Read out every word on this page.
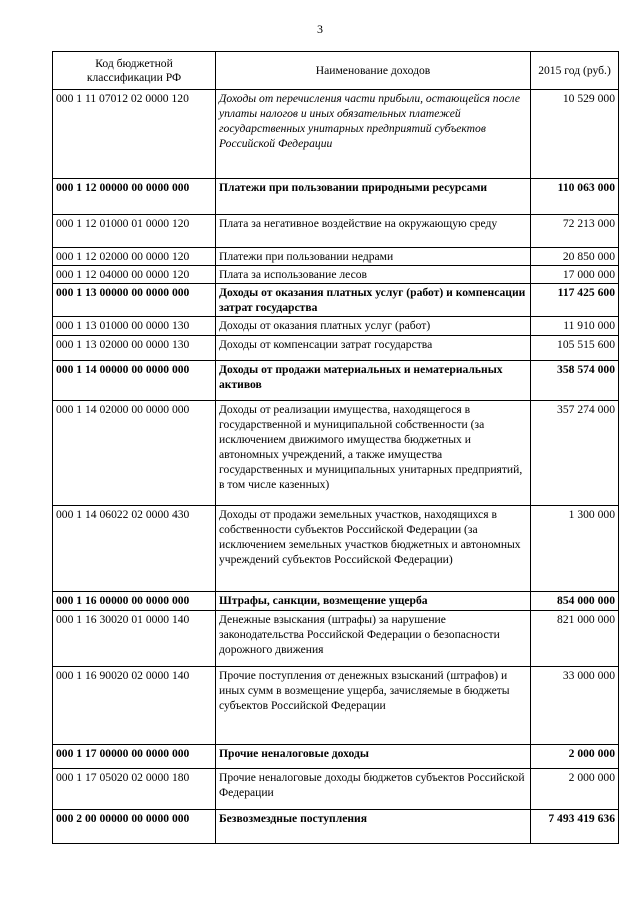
3
Код бюджетной классификации РФ	Наименование доходов	2015 год (руб.)
000 1 11 07012 02 0000 120	Доходы от перечисления части прибыли, остающейся после уплаты налогов и иных обязательных платежей государственных унитарных предприятий субъектов Российской Федерации	10 529 000
000 1 12 00000 00 0000 000	Платежи при пользовании природными ресурсами	110 063 000
000 1 12 01000 01 0000 120	Плата за негативное воздействие на окружающую среду	72 213 000
000 1 12 02000 00 0000 120	Платежи при пользовании недрами	20 850 000
000 1 12 04000 00 0000 120	Плата за использование лесов	17 000 000
000 1 13 00000 00 0000 000	Доходы от оказания платных услуг (работ) и компенсации затрат государства	117 425 600
000 1 13 01000 00 0000 130	Доходы от оказания платных услуг (работ)	11 910 000
000 1 13 02000 00 0000 130	Доходы от компенсации затрат государства	105 515 600
000 1 14 00000 00 0000 000	Доходы от продажи материальных и нематериальных активов	358 574 000
000 1 14 02000 00 0000 000	Доходы от реализации имущества, находящегося в государственной и муниципальной собственности (за исключением движимого имущества бюджетных и автономных учреждений, а также имущества государственных и муниципальных унитарных предприятий, в том числе казенных)	357 274 000
000 1 14 06022 02 0000 430	Доходы от продажи земельных участков, находящихся в собственности субъектов Российской Федерации (за исключением земельных участков бюджетных и автономных учреждений субъектов Российской Федерации)	1 300 000
000 1 16 00000 00 0000 000	Штрафы, санкции, возмещение ущерба	854 000 000
000 1 16 30020 01 0000 140	Денежные взыскания (штрафы) за нарушение законодательства Российской Федерации о безопасности дорожного движения	821 000 000
000 1 16 90020 02 0000 140	Прочие поступления от денежных взысканий (штрафов) и иных сумм в возмещение ущерба, зачисляемые в бюджеты субъектов Российской Федерации	33 000 000
000 1 17 00000 00 0000 000	Прочие неналоговые доходы	2 000 000
000 1 17 05020 02 0000 180	Прочие неналоговые доходы бюджетов субъектов Российской Федерации	2 000 000
000 2 00 00000 00 0000 000	Безвозмездные поступления	7 493 419 636
